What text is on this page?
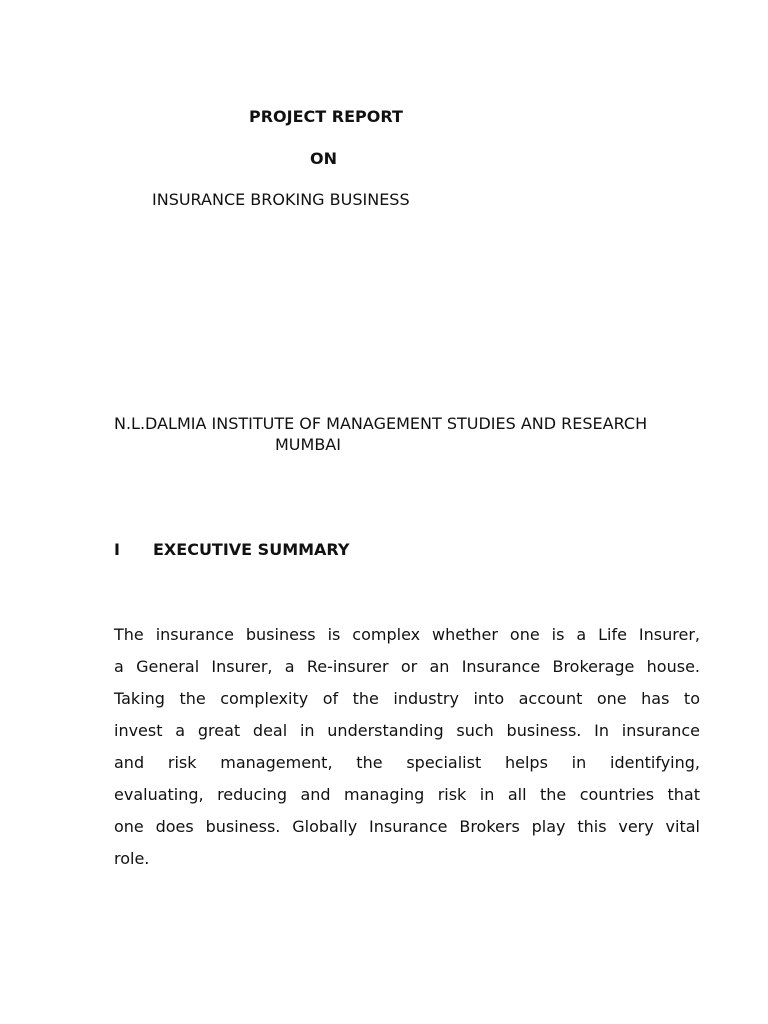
PROJECT REPORT
ON
INSURANCE BROKING BUSINESS
N.L.DALMIA INSTITUTE OF MANAGEMENT STUDIES AND RESEARCH
MUMBAI
I EXECUTIVE SUMMARY
The insurance business is complex whether one is a Life Insurer,
a General Insurer, a Re-insurer or an Insurance Brokerage house.
Taking the complexity of the industry into account one has to
invest a great deal in understanding such business. In insurance
and risk management, the specialist helps in identifying,
evaluating, reducing and managing risk in all the countries that
one does business. Globally Insurance Brokers play this very vital
role.
